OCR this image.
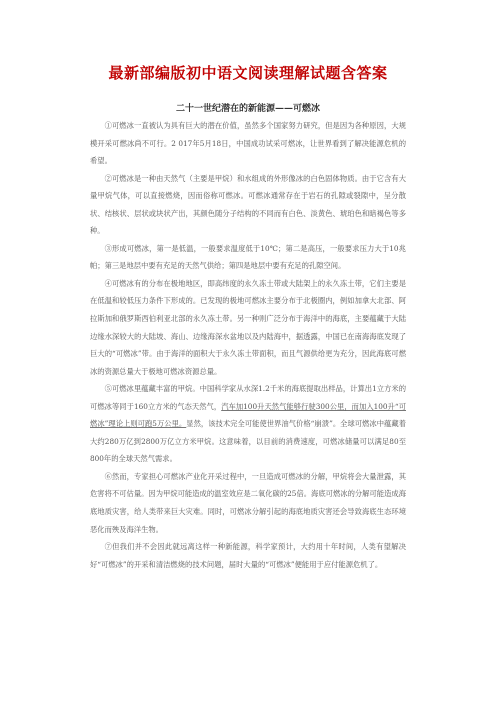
最新部编版初中语文阅读理解试题含答案
二十一世纪潜在的新能源——可燃冰

①可燃冰一直被认为具有巨大的潜在价值，虽然多个国家努力研究，但是因为各种原因，大规模开采可燃冰尚不可行。2 017年5月18日，中国成功试采可燃冰，让世界看到了解决能源危机的希望。

②可燃冰是一种由天然气（主要是甲烷）和水组成的外形像冰的白色固体物质。由于它含有大量甲烷气体，可以直接燃烧，因而俗称可燃冰。可燃冰通常存在于岩石的孔隙或裂隙中，呈分散状、结核状、层状或块状产出，其颜色随分子结构的不同而有白色、淡黄色、琥珀色和暗褐色等多种。

③形成可燃冰，第一是低温，一般要求温度低于10℃；第二是高压，一般要求压力大于10兆帕；第三是地层中要有充足的天然气供给；第四是地层中要有充足的孔隙空间。

④可燃冰有的分布在极地地区，即高纬度的永久冻土带或大陆架上的永久冻土带，它们主要是在低温和较低压力条件下形成的。已发现的极地可燃冰主要分布于北极圈内，例如加拿大北部、阿拉斯加和俄罗斯西伯利亚北部的永久冻土带。另一种则广泛分布于海洋中的海底，主要蕴藏于大陆边缘水深较大的大陆坡、海山、边缘海深水盆地以及内陆海中，据透露，中国已在南海海底发现了巨大的“可燃冰”带。由于海洋的面积大于永久冻土带面积，而且气源供给更为充分，因此海底可燃冰的资源总量大于极地可燃冰资源总量。

⑤可燃冰里蕴藏丰富的甲烷。中国科学家从水深1.2千米的海底提取出样品，计算出1立方米的可燃冰等同于160立方米的气态天然气，汽车加100升天然气能够行驶300公里，而加入100升“可燃冰”理论上则可跑5万公里。显然，该技术完全可能使世界油气价格“崩溃”。全球可燃冰中蕴藏着大约280万亿到2800万亿立方米甲烷。这意味着，以目前的消费速度，可燃冰储量可以满足80至800年的全球天然气需求。

⑥然而，专家担心可燃冰产业化开采过程中，一旦造成可燃冰的分解，甲烷将会大量泄露，其危害将不可估量。因为甲烷可能造成的温室效应是二氧化碳的25倍。海底可燃冰的分解可能造成海底地质灾害，给人类带来巨大灾难。同时，可燃冰分解引起的海底地质灾害还会导致海底生态环境恶化而殃及海洋生物。

⑦但我们并不会因此就远离这样一种新能源，科学家预计，大约用十年时间，人类有望解决好“可燃冰”的开采和清洁燃烧的技术问题，届时大量的“可燃冰”便能用于应付能源危机了。
